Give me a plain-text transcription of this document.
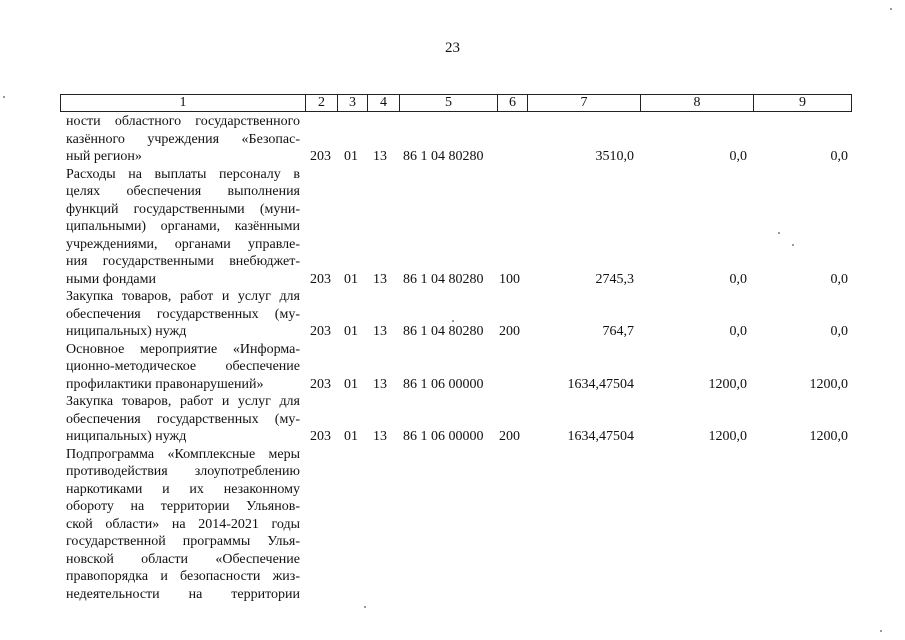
23
1	2	3	4	5	6	7	8	9
ности областного государственного
казённого учреждения «Безопас-
ный регион»	203 01 13 86 1 04 80280	3510,0	0,0	0,0
Расходы на выплаты персоналу в
целях обеспечения выполнения
функций государственными (муни-
ципальными) органами, казёнными
учреждениями, органами управле-
ния государственными внебюджет-
ными фондами	203 01 13 86 1 04 80280 100	2745,3	0,0	0,0
Закупка товаров, работ и услуг для
обеспечения государственных (му-
ниципальных) нужд	203 01 13 86 1 04 80280 200	764,7	0,0	0,0
Основное мероприятие «Информа-
ционно-методическое обеспечение
профилактики правонарушений»	203 01 13 86 1 06 00000	1634,47504	1200,0	1200,0
Закупка товаров, работ и услуг для
обеспечения государственных (му-
ниципальных) нужд	203 01 13 86 1 06 00000 200	1634,47504	1200,0	1200,0
Подпрограмма «Комплексные меры
противодействия злоупотреблению
наркотиками и их незаконному
обороту на территории Ульянов-
ской области» на 2014-2021 годы
государственной программы Улья-
новской области «Обеспечение
правопорядка и безопасности жиз-
недеятельности на территории
